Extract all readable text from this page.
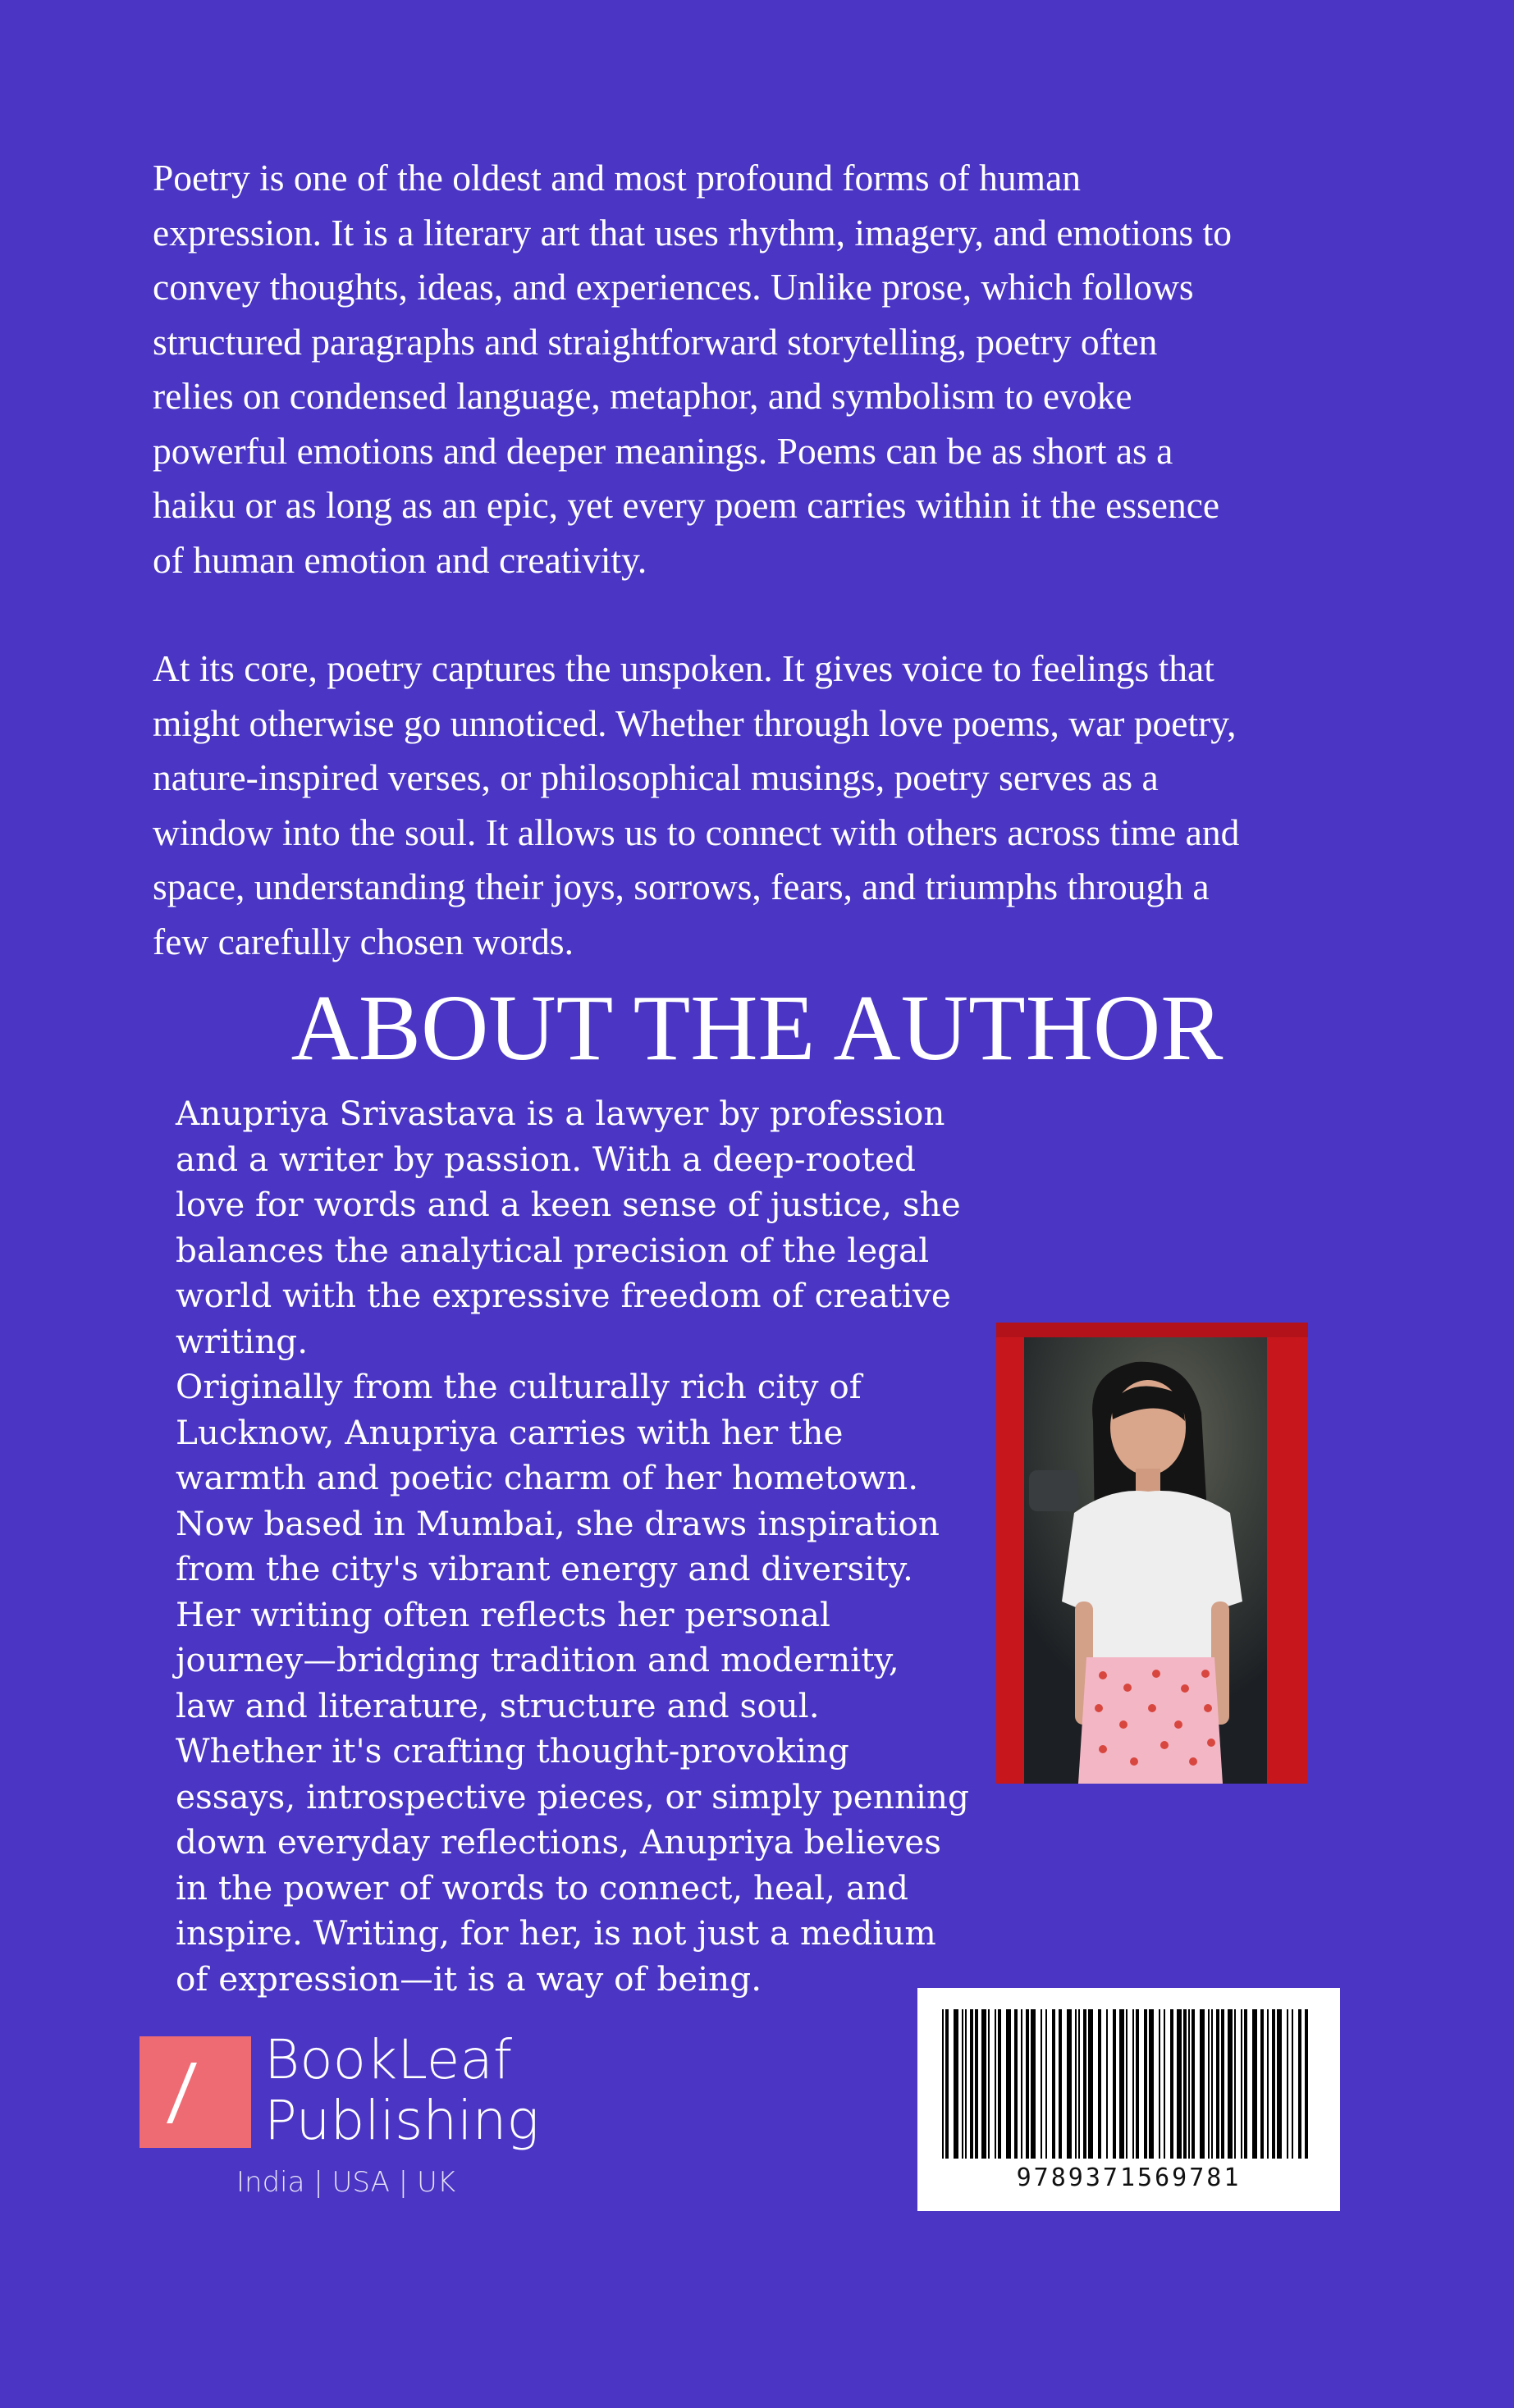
Poetry is one of the oldest and most profound forms of human
expression. It is a literary art that uses rhythm, imagery, and emotions to
convey thoughts, ideas, and experiences. Unlike prose, which follows
structured paragraphs and straightforward storytelling, poetry often
relies on condensed language, metaphor, and symbolism to evoke
powerful emotions and deeper meanings. Poems can be as short as a
haiku or as long as an epic, yet every poem carries within it the essence
of human emotion and creativity.

At its core, poetry captures the unspoken. It gives voice to feelings that
might otherwise go unnoticed. Whether through love poems, war poetry,
nature-inspired verses, or philosophical musings, poetry serves as a
window into the soul. It allows us to connect with others across time and
space, understanding their joys, sorrows, fears, and triumphs through a
few carefully chosen words.

ABOUT THE AUTHOR

Anupriya Srivastava is a lawyer by profession
and a writer by passion. With a deep-rooted
love for words and a keen sense of justice, she
balances the analytical precision of the legal
world with the expressive freedom of creative
writing.
Originally from the culturally rich city of
Lucknow, Anupriya carries with her the
warmth and poetic charm of her hometown.
Now based in Mumbai, she draws inspiration
from the city's vibrant energy and diversity.
Her writing often reflects her personal
journey—bridging tradition and modernity,
law and literature, structure and soul.
Whether it's crafting thought-provoking
essays, introspective pieces, or simply penning
down everyday reflections, Anupriya believes
in the power of words to connect, heal, and
inspire. Writing, for her, is not just a medium
of expression—it is a way of being.

BookLeaf
Publishing
India | USA | UK	9789371569781
